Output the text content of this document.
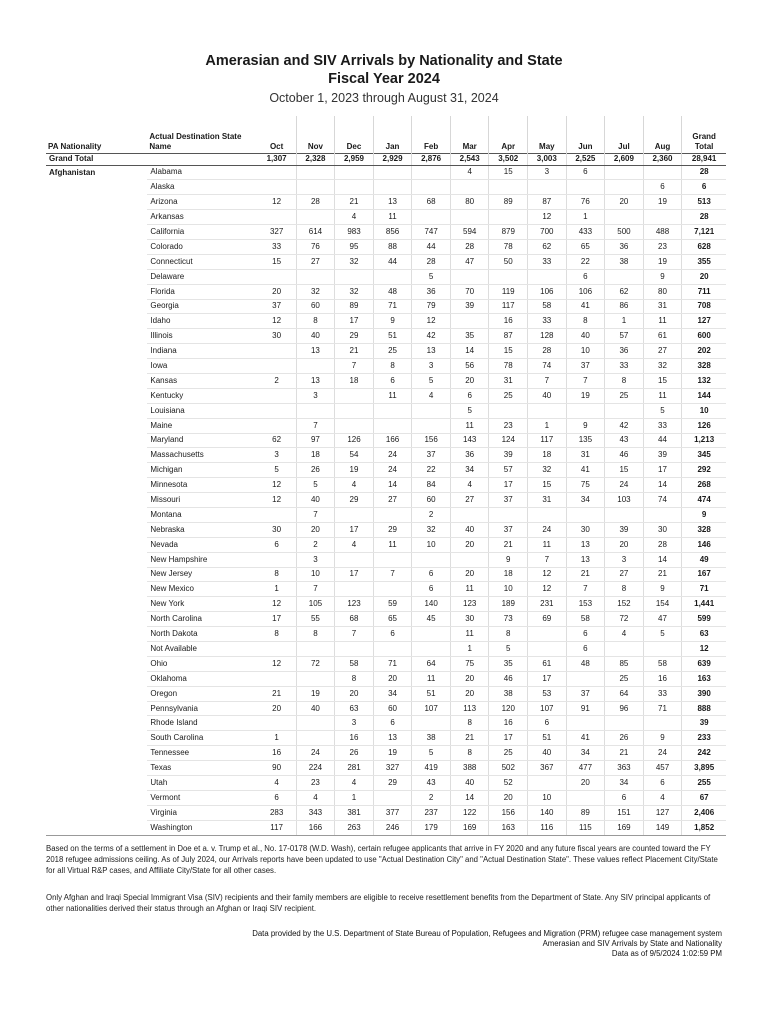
Amerasian and SIV Arrivals by Nationality and State
Fiscal Year 2024
October 1, 2023 through August 31, 2024
PA Nationality	Actual Destination State Name	Oct	Nov	Dec	Jan	Feb	Mar	Apr	May	Jun	Jul	Aug	Grand Total
Grand Total		1,307	2,328	2,959	2,929	2,876	2,543	3,502	3,003	2,525	2,609	2,360	28,941
Afghanistan	Alabama						4	15	3	6			28
	Alaska											6	6
	Arizona	12	28	21	13	68	80	89	87	76	20	19	513
	Arkansas			4	11				12	1			28
	California	327	614	983	856	747	594	879	700	433	500	488	7,121
	Colorado	33	76	95	88	44	28	78	62	65	36	23	628
	Connecticut	15	27	32	44	28	47	50	33	22	38	19	355
	Delaware					5				6		9	20
	Florida	20	32	32	48	36	70	119	106	106	62	80	711
	Georgia	37	60	89	71	79	39	117	58	41	86	31	708
	Idaho	12	8	17	9	12		16	33	8	1	11	127
	Illinois	30	40	29	51	42	35	87	128	40	57	61	600
	Indiana		13	21	25	13	14	15	28	10	36	27	202
	Iowa			7	8	3	56	78	74	37	33	32	328
	Kansas	2	13	18	6	5	20	31	7	7	8	15	132
	Kentucky		3		11	4	6	25	40	19	25	11	144
	Louisiana						5					5	10
	Maine		7				11	23	1	9	42	33	126
	Maryland	62	97	126	166	156	143	124	117	135	43	44	1,213
	Massachusetts	3	18	54	24	37	36	39	18	31	46	39	345
	Michigan	5	26	19	24	22	34	57	32	41	15	17	292
	Minnesota	12	5	4	14	84	4	17	15	75	24	14	268
	Missouri	12	40	29	27	60	27	37	31	34	103	74	474
	Montana		7			2							9
	Nebraska	30	20	17	29	32	40	37	24	30	39	30	328
	Nevada	6	2	4	11	10	20	21	11	13	20	28	146
	New Hampshire		3					9	7	13	3	14	49
	New Jersey	8	10	17	7	6	20	18	12	21	27	21	167
	New Mexico	1	7			6	11	10	12	7	8	9	71
	New York	12	105	123	59	140	123	189	231	153	152	154	1,441
	North Carolina	17	55	68	65	45	30	73	69	58	72	47	599
	North Dakota	8	8	7	6		11	8		6	4	5	63
	Not Available						1	5		6			12
	Ohio	12	72	58	71	64	75	35	61	48	85	58	639
	Oklahoma			8	20	11	20	46	17		25	16	163
	Oregon	21	19	20	34	51	20	38	53	37	64	33	390
	Pennsylvania	20	40	63	60	107	113	120	107	91	96	71	888
	Rhode Island			3	6		8	16	6				39
	South Carolina	1		16	13	38	21	17	51	41	26	9	233
	Tennessee	16	24	26	19	5	8	25	40	34	21	24	242
	Texas	90	224	281	327	419	388	502	367	477	363	457	3,895
	Utah	4	23	4	29	43	40	52		20	34	6	255
	Vermont	6	4	1		2	14	20	10		6	4	67
	Virginia	283	343	381	377	237	122	156	140	89	151	127	2,406
	Washington	117	166	263	246	179	169	163	116	115	169	149	1,852
Based on the terms of a settlement in Doe et a. v. Trump et al., No. 17-0178 (W.D. Wash), certain refugee applicants that arrive in FY 2020 and any future fiscal years are counted toward the FY 2018 refugee admissions ceiling. As of July 2024, our Arrivals reports have been updated to use "Actual Destination City" and "Actual Destination State". These values reflect Placement City/State for all Virtual R&P cases, and Affiliate City/State for all other cases.
Only Afghan and Iraqi Special Immigrant Visa (SIV) recipients and their family members are eligible to receive resettlement benefits from the Department of State. Any SIV principal applicants of other nationalities derived their status through an Afghan or Iraqi SIV recipient.
Data provided by the U.S. Department of State Bureau of Population, Refugees and Migration (PRM) refugee case management system
Amerasian and SIV Arrivals by State and Nationality
Data as of 9/5/2024 1:02:59 PM
